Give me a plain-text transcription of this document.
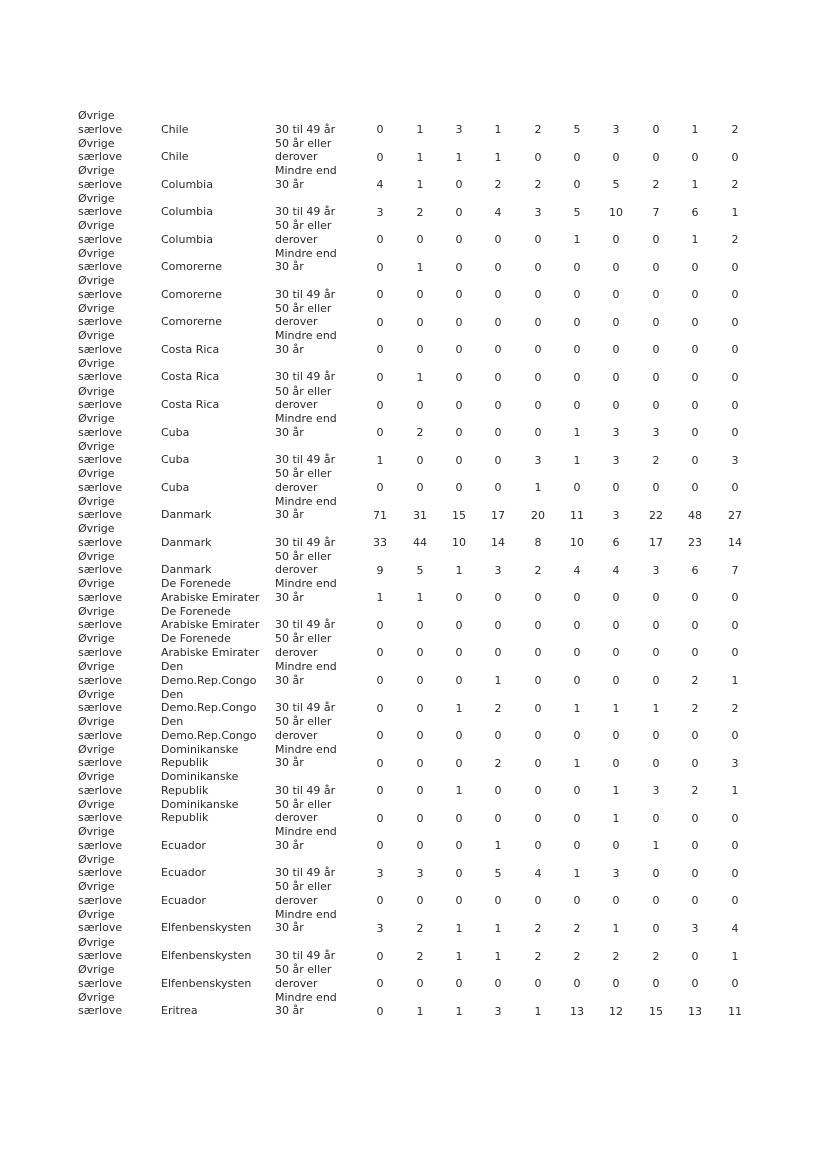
Øvrige
særlove	Chile	30 til 49 år	0	1	3	1	2	5	3	0	1	2
Øvrige
særlove	Chile
50 år eller
derover	0	1	1	1	0	0	0	0	0	0
Øvrige
særlove	Columbia
Mindre end
30 år	4	1	0	2	2	0	5	2	1	2
Øvrige
særlove	Columbia	30 til 49 år	3	2	0	4	3	5	10	7	6	1
Øvrige
særlove	Columbia
50 år eller
derover	0	0	0	0	0	1	0	0	1	2
Øvrige
særlove	Comorerne
Mindre end
30 år	0	1	0	0	0	0	0	0	0	0
Øvrige
særlove	Comorerne	30 til 49 år	0	0	0	0	0	0	0	0	0	0
Øvrige
særlove	Comorerne
50 år eller
derover	0	0	0	0	0	0	0	0	0	0
Øvrige
særlove	Costa Rica
Mindre end
30 år	0	0	0	0	0	0	0	0	0	0
Øvrige
særlove	Costa Rica	30 til 49 år	0	1	0	0	0	0	0	0	0	0
Øvrige
særlove	Costa Rica
50 år eller
derover	0	0	0	0	0	0	0	0	0	0
Øvrige
særlove	Cuba
Mindre end
30 år	0	2	0	0	0	1	3	3	0	0
Øvrige
særlove	Cuba	30 til 49 år	1	0	0	0	3	1	3	2	0	3
Øvrige
særlove	Cuba
50 år eller
derover	0	0	0	0	1	0	0	0	0	0
Øvrige
særlove	Danmark
Mindre end
30 år	71	31	15	17	20	11	3	22	48	27
Øvrige
særlove	Danmark	30 til 49 år	33	44	10	14	8	10	6	17	23	14
Øvrige
særlove	Danmark
50 år eller
derover	9	5	1	3	2	4	4	3	6	7
Øvrige
særlove
De Forenede
Arabiske Emirater
Mindre end
30 år	1	1	0	0	0	0	0	0	0	0
Øvrige
særlove
De Forenede
Arabiske Emirater 30 til 49 år	0	0	0	0	0	0	0	0	0	0
Øvrige
særlove
De Forenede
Arabiske Emirater
50 år eller
derover	0	0	0	0	0	0	0	0	0	0
Øvrige
særlove
Den
Demo.Rep.Congo
Mindre end
30 år	0	0	0	1	0	0	0	0	2	1
Øvrige
særlove
Den
Demo.Rep.Congo 30 til 49 år	0	0	1	2	0	1	1	1	2	2
Øvrige
særlove
Den
Demo.Rep.Congo
50 år eller
derover	0	0	0	0	0	0	0	0	0	0
Øvrige
særlove
Dominikanske
Republik
Mindre end
30 år	0	0	0	2	0	1	0	0	0	3
Øvrige
særlove
Dominikanske
Republik	30 til 49 år	0	0	1	0	0	0	1	3	2	1
Øvrige
særlove
Dominikanske
Republik
50 år eller
derover	0	0	0	0	0	0	1	0	0	0
Øvrige
særlove	Ecuador
Mindre end
30 år	0	0	0	1	0	0	0	1	0	0
Øvrige
særlove	Ecuador	30 til 49 år	3	3	0	5	4	1	3	0	0	0
Øvrige
særlove	Ecuador
50 år eller
derover	0	0	0	0	0	0	0	0	0	0
Øvrige
særlove	Elfenbenskysten
Mindre end
30 år	3	2	1	1	2	2	1	0	3	4
Øvrige
særlove	Elfenbenskysten 30 til 49 år	0	2	1	1	2	2	2	2	0	1
Øvrige
særlove	Elfenbenskysten
50 år eller
derover	0	0	0	0	0	0	0	0	0	0
Øvrige
særlove	Eritrea
Mindre end
30 år	0	1	1	3	1	13	12	15	13	11
